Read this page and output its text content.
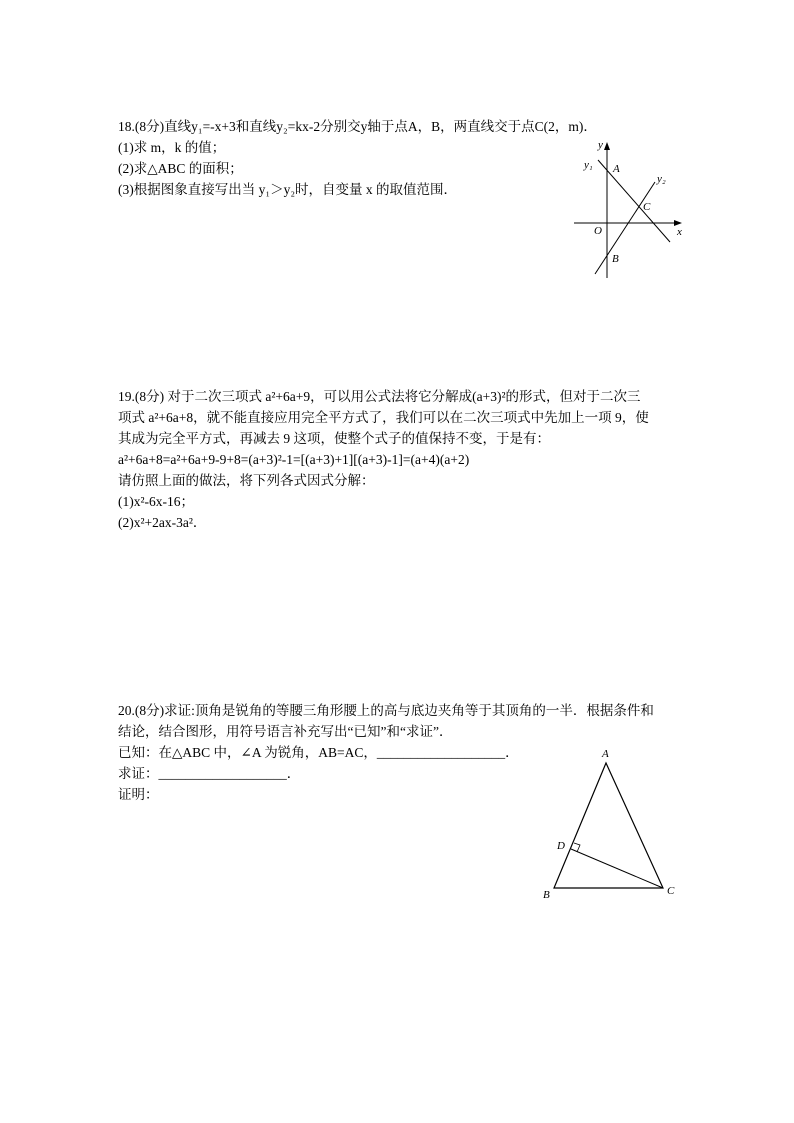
18.(8分)直线y₁=-x+3和直线y₂=kx-2分别交y轴于点A，B，两直线交于点C(2，m)．
(1)求 m，k 的值；
(2)求△ABC 的面积；
(3)根据图象直接写出当 y₁＞y₂时，自变量 x 的取值范围．
y
x
y₁
y₂
A
C
O
B
19.(8分) 对于二次三项式 a²+6a+9，可以用公式法将它分解成(a+3)²的形式，但对于二次三
项式 a²+6a+8，就不能直接应用完全平方式了，我们可以在二次三项式中先加上一项 9，使
其成为完全平方式，再减去 9 这项，使整个式子的值保持不变，于是有：
a²+6a+8=a²+6a+9-9+8=(a+3)²-1=[(a+3)+1][(a+3)-1]=(a+4)(a+2)
请仿照上面的做法，将下列各式因式分解：
(1)x²-6x-16；
(2)x²+2ax-3a²．
20.(8分)求证:顶角是锐角的等腰三角形腰上的高与底边夹角等于其顶角的一半．根据条件和
结论，结合图形，用符号语言补充写出“已知”和“求证”．
已知：在△ABC 中，∠A 为锐角，AB=AC，___________________．
求证：___________________．
证明：
A
D
B	C
